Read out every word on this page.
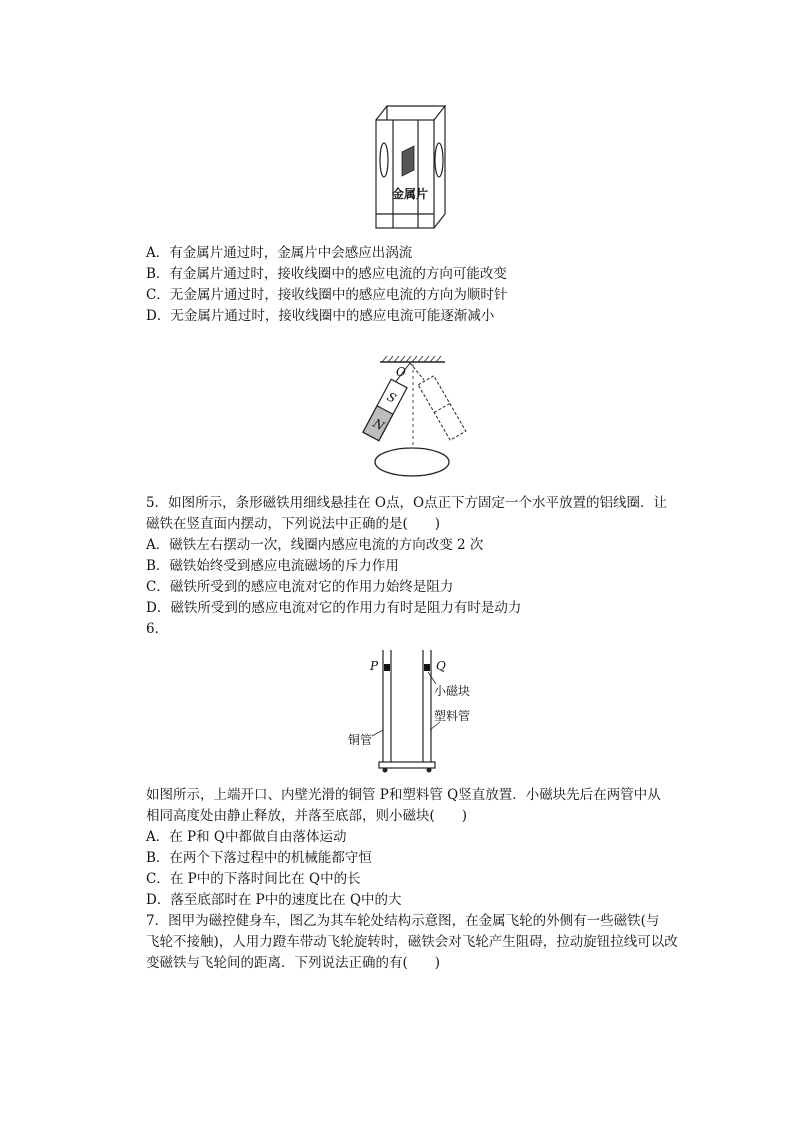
金属片
A．有金属片通过时，金属片中会感应出涡流
B．有金属片通过时，接收线圈中的感应电流的方向可能改变
C．无金属片通过时，接收线圈中的感应电流的方向为顺时针
D．无金属片通过时，接收线圈中的感应电流可能逐渐减小
O
S
N
5．如图所示，条形磁铁用细线悬挂在 O点，O点正下方固定一个水平放置的铝线圈．让
磁铁在竖直面内摆动，下列说法中正确的是(　　)
A．磁铁左右摆动一次，线圈内感应电流的方向改变 2 次
B．磁铁始终受到感应电流磁场的斥力作用
C．磁铁所受到的感应电流对它的作用力始终是阻力
D．磁铁所受到的感应电流对它的作用力有时是阻力有时是动力
6．
P	Q
小磁块
塑料管
铜管
如图所示，上端开口、内壁光滑的铜管 P和塑料管 Q竖直放置．小磁块先后在两管中从
相同高度处由静止释放，并落至底部，则小磁块(　　)
A．在 P和 Q中都做自由落体运动
B．在两个下落过程中的机械能都守恒
C．在 P中的下落时间比在 Q中的长
D．落至底部时在 P中的速度比在 Q中的大
7．图甲为磁控健身车，图乙为其车轮处结构示意图，在金属飞轮的外侧有一些磁铁(与
飞轮不接触)，人用力蹬车带动飞轮旋转时，磁铁会对飞轮产生阻碍，拉动旋钮拉线可以改
变磁铁与飞轮间的距离．下列说法正确的有(　　)
